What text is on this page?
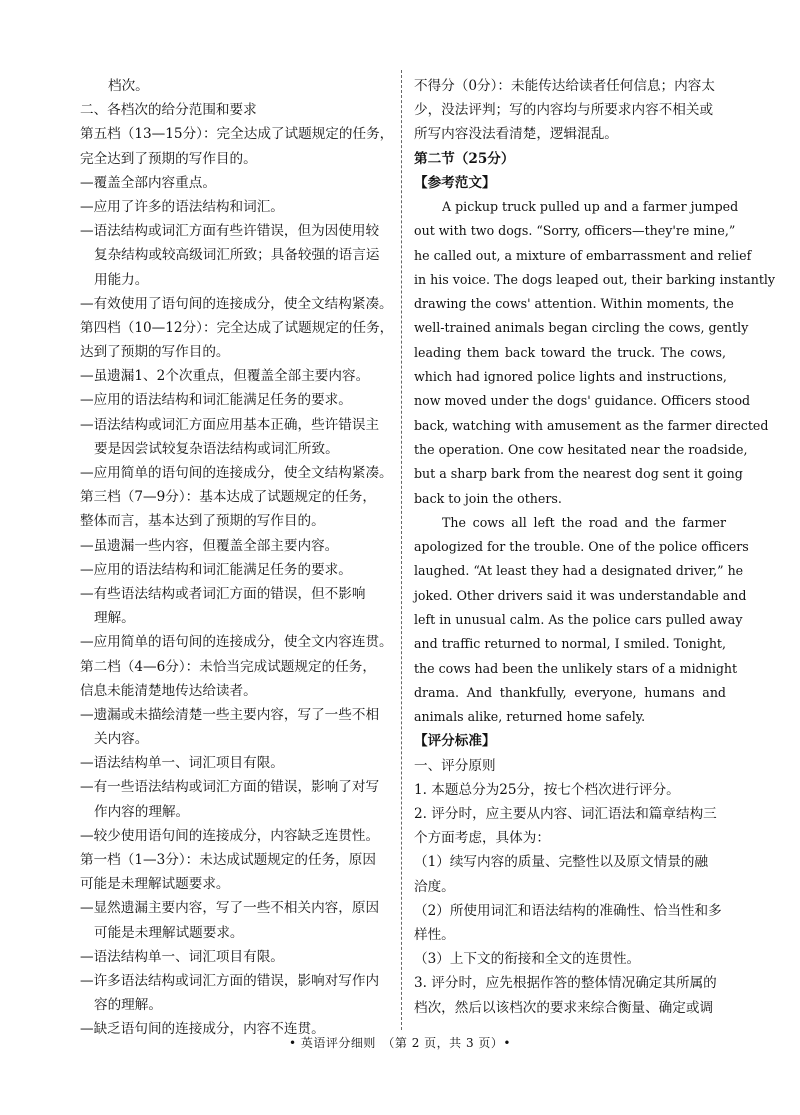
档次。
二、各档次的给分范围和要求
第五档（13—15分）：完全达成了试题规定的任务，
完全达到了预期的写作目的。
—覆盖全部内容重点。
—应用了许多的语法结构和词汇。
—语法结构或词汇方面有些许错误，但为因使用较
复杂结构或较高级词汇所致；具备较强的语言运
用能力。
—有效使用了语句间的连接成分，使全文结构紧凑。
第四档（10—12分）：完全达成了试题规定的任务，
达到了预期的写作目的。
—虽遗漏1、2个次重点，但覆盖全部主要内容。
—应用的语法结构和词汇能满足任务的要求。
—语法结构或词汇方面应用基本正确，些许错误主
要是因尝试较复杂语法结构或词汇所致。
—应用简单的语句间的连接成分，使全文结构紧凑。
第三档（7—9分）：基本达成了试题规定的任务，
整体而言，基本达到了预期的写作目的。
—虽遗漏一些内容，但覆盖全部主要内容。
—应用的语法结构和词汇能满足任务的要求。
—有些语法结构或者词汇方面的错误，但不影响
理解。
—应用简单的语句间的连接成分，使全文内容连贯。
第二档（4—6分）：未恰当完成试题规定的任务，
信息未能清楚地传达给读者。
—遗漏或未描绘清楚一些主要内容，写了一些不相
关内容。
—语法结构单一、词汇项目有限。
—有一些语法结构或词汇方面的错误，影响了对写
作内容的理解。
—较少使用语句间的连接成分，内容缺乏连贯性。
第一档（1—3分）：未达成试题规定的任务，原因
可能是未理解试题要求。
—显然遗漏主要内容，写了一些不相关内容，原因
可能是未理解试题要求。
—语法结构单一、词汇项目有限。
—许多语法结构或词汇方面的错误，影响对写作内
容的理解。
—缺乏语句间的连接成分，内容不连贯。
不得分（0分）：未能传达给读者任何信息；内容太
少，没法评判；写的内容均与所要求内容不相关或
所写内容没法看清楚，逻辑混乱。
第二节（25分）
【参考范文】
A pickup truck pulled up and a farmer jumped
out with two dogs. “Sorry, officers—they're mine,”
he called out, a mixture of embarrassment and relief
in his voice. The dogs leaped out, their barking instantly
drawing the cows' attention. Within moments, the
well-trained animals began circling the cows, gently
leading them back toward the truck. The cows,
which had ignored police lights and instructions,
now moved under the dogs' guidance. Officers stood
back, watching with amusement as the farmer directed
the operation. One cow hesitated near the roadside,
but a sharp bark from the nearest dog sent it going
back to join the others.
The cows all left the road and the farmer
apologized for the trouble. One of the police officers
laughed. “At least they had a designated driver,” he
joked. Other drivers said it was understandable and
left in unusual calm. As the police cars pulled away
and traffic returned to normal, I smiled. Tonight,
the cows had been the unlikely stars of a midnight
drama. And thankfully, everyone, humans and
animals alike, returned home safely.
【评分标准】
一、评分原则
1. 本题总分为25分，按七个档次进行评分。
2. 评分时，应主要从内容、词汇语法和篇章结构三
个方面考虑，具体为：
（1）续写内容的质量、完整性以及原文情景的融
洽度。
（2）所使用词汇和语法结构的准确性、恰当性和多
样性。
（3）上下文的衔接和全文的连贯性。
3. 评分时，应先根据作答的整体情况确定其所属的
档次，然后以该档次的要求来综合衡量、确定或调
• 英语评分细则　（第 2 页，共 3 页）•
